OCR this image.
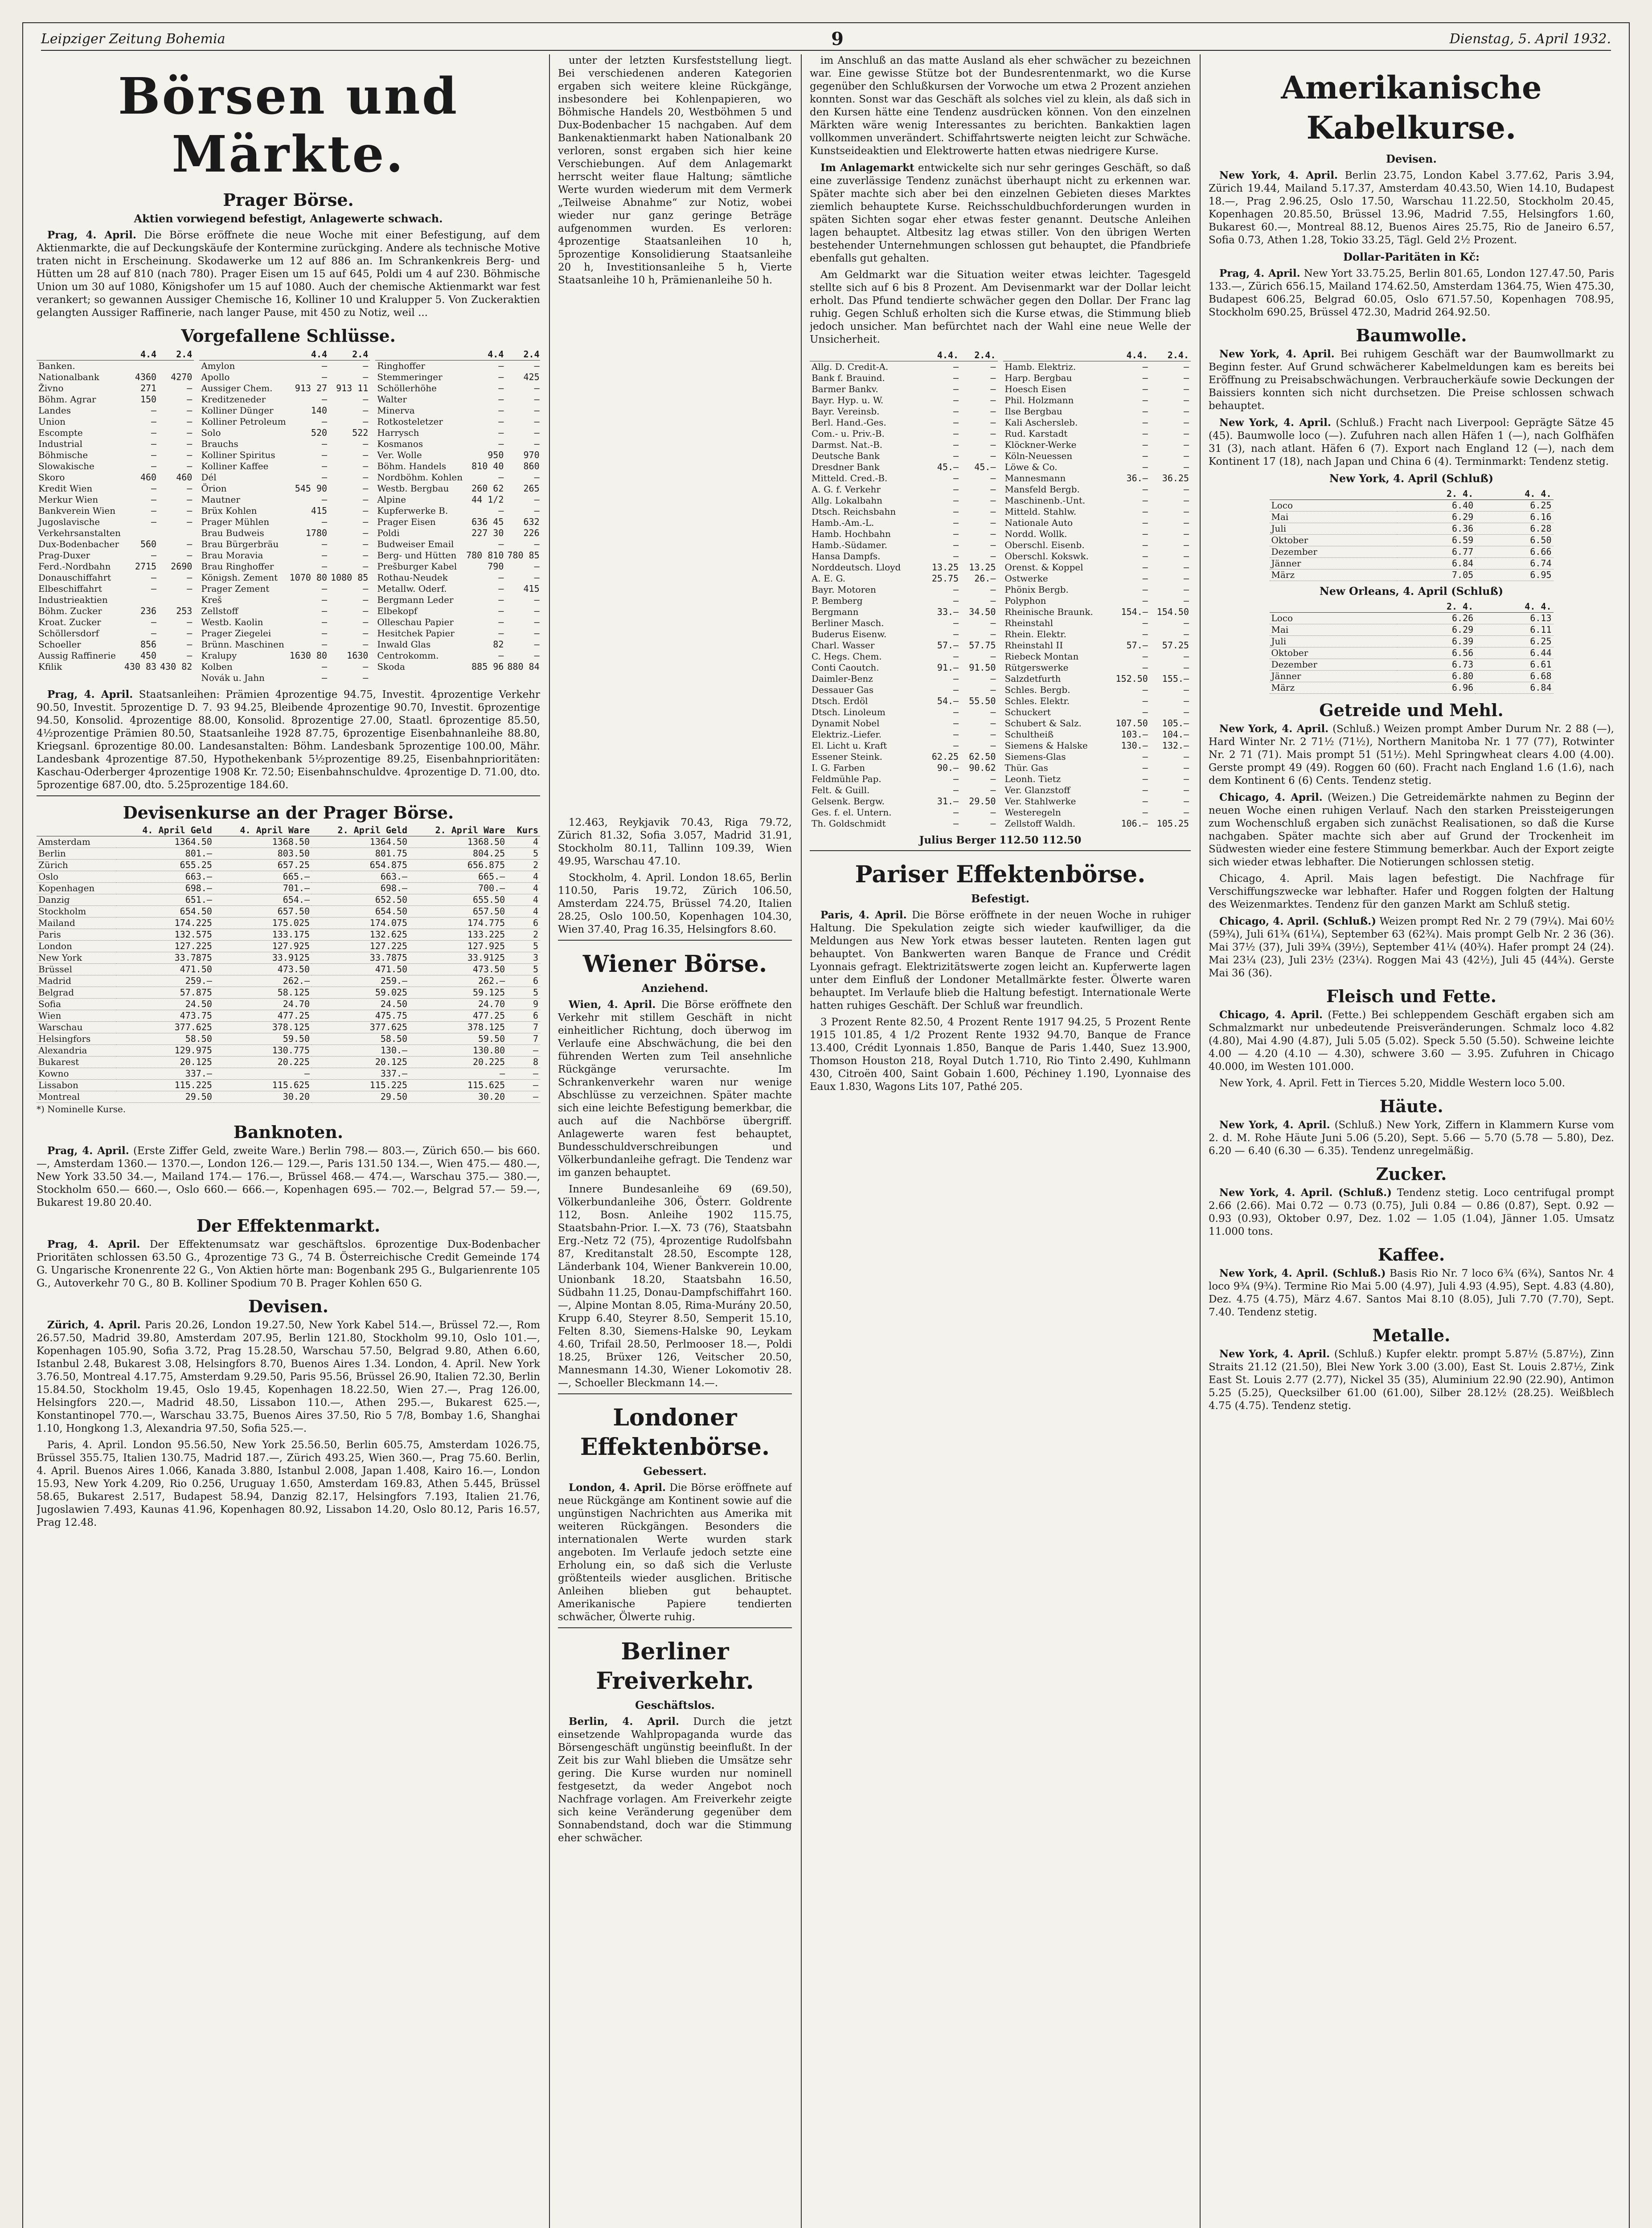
Leipziger Zeitung Bohemia	9	Dienstag, 5. April 1932.
Börsen und Märkte.
Prager Börse.
Aktien vorwiegend befestigt, Anlagewerte schwach.

Prag, 4. April. Die Börse eröffnete die neue Woche mit einer Befestigung, auf dem Aktienmarkte, die auf Deckungskäufe der Kontermine zurückging. Andere als technische Motive traten nicht in Erscheinung. Skodawerke um 12 auf 886 an. Im Schrankenkreis Berg- und Hütten um 28 auf 810 (nach 780). Prager Eisen um 15 auf 645, Poldi um 4 auf 230. Böhmische Union um 30 auf 1080, Königshofer um 15 auf 1080. Auch der chemische Aktienmarkt war fest verankert; so gewannen Aussiger Chemische 16, Kolliner 10 und Kralupper 5. Von Zuckeraktien gelangten Aussiger Raffinerie, nach langer Pause, mit 450 zu Notiz, weil ...

Vorgefallene Schlüsse.
	4.4	2.4
Banken.		
Nationalbank	4360	4270
Živno	271	—
Böhm. Agrar	150	—
Landes	—	—
Union	—	—
Escompte	—	—
Industrial	—	—
Böhmische	—	—
Slowakische	—	—
Skoro	460	460
Kredit Wien	—	—
Merkur Wien	—	—
Bankverein Wien	—	—
Jugoslavische	—	—
Verkehrsanstalten		
Dux-Bodenbacher	560	—
Prag-Duxer	—	—
Ferd.-Nordbahn	2715	2690
Donauschiffahrt	—	—
Elbeschiffahrt	—	—
Industrieaktien		
Böhm. Zucker	236	253
Kroat. Zucker	—	—
Schöllersdorf	—	—
Schoeller	856	—
Aussig Raffinerie	450	—
Kfilik	430 83	430 82
	4.4	2.4
Amylon	—	—
Apollo	—	—
Aussiger Chem.	913 27	913 11
Kreditzeneder	—	—
Kolliner Dünger	140	—
Kolliner Petroleum	—	—
Solo	520	522
Brauchs	—	—
Kolliner Spiritus	—	—
Kolliner Kaffee	—	—
Dél	—	—
Örion	545 90	—
Mautner	—	—
Brüx Kohlen	415	—
Prager Mühlen	—	—
Brau Budweis	1780	—
Brau Bürgerbräu	—	—
Brau Moravia	—	—
Brau Ringhoffer	—	—
Königsh. Zement	1070 80	1080 85
Prager Zement	—	—
Kreš	—	—
Zellstoff	—	—
Westb. Kaolin	—	—
Prager Ziegelei	—	—
Brünn. Maschinen	—	—
Kralupy	1630 80	1630
Kolben	—	—
Novák u. Jahn	—	—
	4.4	2.4
Ringhoffer	—	—
Stemmeringer	—	425
Schöllerhöhe	—	—
Walter	—	—
Minerva	—	—
Rotkosteletzer	—	—
Harrysch	—	—
Kosmanos	—	—
Ver. Wolle	950	970
Böhm. Handels	810 40	860
Nordböhm. Kohlen	—	—
Westb. Bergbau	260 62	265
Alpine	44 1/2	—
Kupferwerke B.	—	—
Prager Eisen	636 45	632
Poldi	227 30	226
Budweiser Email	—	—
Berg- und Hütten	780 810	780 85
Prešburger Kabel	790	—
Rothau-Neudek	—	—
Metallw. Oderf.	—	415
Bergmann Leder	—	—
Elbekopf	—	—
Olleschau Papier	—	—
Hesitchek Papier	—	—
Inwald Glas	82	—
Centrokomm.	—	—
Skoda	885 96	880 84

Prag, 4. April. Staatsanleihen: Prämien 4prozentige 94.75, Investit. 4prozentige Verkehr 90.50, Investit. 5prozentige D. 7. 93 94.25, Bleibende 4prozentige 90.70, Investit. 6prozentige 94.50, Konsolid. 4prozentige 88.00, Konsolid. 8prozentige 27.00, Staatl. 6prozentige 85.50, 4½prozentige Prämien 80.50, Staatsanleihe 1928 87.75, 6prozentige Eisenbahnanleihe 88.80, Kriegsanl. 6prozentige 80.00. Landesanstalten: Böhm. Landesbank 5prozentige 100.00, Mähr. Landesbank 4prozentige 87.50, Hypothekenbank 5½prozentige 89.25, Eisenbahnprioritäten: Kaschau-Oderberger 4prozentige 1908 Kr. 72.50; Eisenbahnschuldve. 4prozentige D. 71.00, dto. 5prozentige 687.00, dto. 5.25prozentige 184.60.

Devisenkurse an der Prager Börse.
	4. April Geld	4. April Ware	2. April Geld	2. April Ware	Kurs
Amsterdam	1364.50	1368.50	1364.50	1368.50	4
Berlin	801.—	803.50	801.75	804.25	5
Zürich	655.25	657.25	654.875	656.875	2
Oslo	663.—	665.—	663.—	665.—	4
Kopenhagen	698.—	701.—	698.—	700.—	4
Danzig	651.—	654.—	652.50	655.50	4
Stockholm	654.50	657.50	654.50	657.50	4
Mailand	174.225	175.025	174.075	174.775	6
Paris	132.575	133.175	132.625	133.225	2
London	127.225	127.925	127.225	127.925	5
New York	33.7875	33.9125	33.7875	33.9125	3
Brüssel	471.50	473.50	471.50	473.50	5
Madrid	259.—	262.—	259.—	262.—	6
Belgrad	57.875	58.125	59.025	59.125	5
Sofia	24.50	24.70	24.50	24.70	9
Wien	473.75	477.25	475.75	477.25	6
Warschau	377.625	378.125	377.625	378.125	7
Helsingfors	58.50	59.50	58.50	59.50	7
Alexandria	129.975	130.775	130.—	130.80	—
Bukarest	20.125	20.225	20.125	20.225	8
Kowno	337.—	—	337.—	—	—
Lissabon	115.225	115.625	115.225	115.625	—
Montreal	29.50	30.20	29.50	30.20	—
*) Nominelle Kurse.
Banknoten.

Prag, 4. April. (Erste Ziffer Geld, zweite Ware.) Berlin 798.— 803.—, Zürich 650.— bis 660.—, Amsterdam 1360.— 1370.—, London 126.— 129.—, Paris 131.50 134.—, Wien 475.— 480.—, New York 33.50 34.—, Mailand 174.— 176.—, Brüssel 468.— 474.—, Warschau 375.— 380.—, Stockholm 650.— 660.—, Oslo 660.— 666.—, Kopenhagen 695.— 702.—, Belgrad 57.— 59.—, Bukarest 19.80 20.40.

Der Effektenmarkt.

Prag, 4. April. Der Effektenumsatz war geschäftslos. 6prozentige Dux-Bodenbacher Prioritäten schlossen 63.50 G., 4prozentige 73 G., 74 B. Österreichische Credit Gemeinde 174 G. Ungarische Kronenrente 22 G., Von Aktien hörte man: Bogenbank 295 G., Bulgarienrente 105 G., Autoverkehr 70 G., 80 B. Kolliner Spodium 70 B. Prager Kohlen 650 G.

Devisen.

Zürich, 4. April. Paris 20.26, London 19.27.50, New York Kabel 514.—, Brüssel 72.—, Rom 26.57.50, Madrid 39.80, Amsterdam 207.95, Berlin 121.80, Stockholm 99.10, Oslo 101.—, Kopenhagen 105.90, Sofia 3.72, Prag 15.28.50, Warschau 57.50, Belgrad 9.80, Athen 6.60, Istanbul 2.48, Bukarest 3.08, Helsingfors 8.70, Buenos Aires 1.34. London, 4. April. New York 3.76.50, Montreal 4.17.75, Amsterdam 9.29.50, Paris 95.56, Brüssel 26.90, Italien 72.30, Berlin 15.84.50, Stockholm 19.45, Oslo 19.45, Kopenhagen 18.22.50, Wien 27.—, Prag 126.00, Helsingfors 220.—, Madrid 48.50, Lissabon 110.—, Athen 295.—, Bukarest 625.—, Konstantinopel 770.—, Warschau 33.75, Buenos Aires 37.50, Rio 5 7/8, Bombay 1.6, Shanghai 1.10, Hongkong 1.3, Alexandria 97.50, Sofia 525.—.

Paris, 4. April. London 95.56.50, New York 25.56.50, Berlin 605.75, Amsterdam 1026.75, Brüssel 355.75, Italien 130.75, Madrid 187.—, Zürich 493.25, Wien 360.—, Prag 75.60. Berlin, 4. April. Buenos Aires 1.066, Kanada 3.880, Istanbul 2.008, Japan 1.408, Kairo 16.—, London 15.93, New York 4.209, Rio 0.256, Uruguay 1.650, Amsterdam 169.83, Athen 5.445, Brüssel 58.65, Bukarest 2.517, Budapest 58.94, Danzig 82.17, Helsingfors 7.193, Italien 21.76, Jugoslawien 7.493, Kaunas 41.96, Kopenhagen 80.92, Lissabon 14.20, Oslo 80.12, Paris 16.57, Prag 12.48.

unter der letzten Kursfeststellung liegt. Bei verschiedenen anderen Kategorien ergaben sich weitere kleine Rückgänge, insbesondere bei Kohlenpapieren, wo Böhmische Handels 20, Westböhmen 5 und Dux-Bodenbacher 15 nachgaben. Auf dem Bankenaktienmarkt haben Nationalbank 20 verloren, sonst ergaben sich hier keine Verschiebungen. Auf dem Anlagemarkt herrscht weiter flaue Haltung; sämtliche Werte wurden wiederum mit dem Vermerk „Teilweise Abnahme“ zur Notiz, wobei wieder nur ganz geringe Beträge aufgenommen wurden. Es verloren: 4prozentige Staatsanleihen 10 h, 5prozentige Konsolidierung Staatsanleihe 20 h, Investitionsanleihe 5 h, Vierte Staatsanleihe 10 h, Prämienanleihe 50 h.

12.463, Reykjavik 70.43, Riga 79.72, Zürich 81.32, Sofia 3.057, Madrid 31.91, Stockholm 80.11, Tallinn 109.39, Wien 49.95, Warschau 47.10.

Stockholm, 4. April. London 18.65, Berlin 110.50, Paris 19.72, Zürich 106.50, Amsterdam 224.75, Brüssel 74.20, Italien 28.25, Oslo 100.50, Kopenhagen 104.30, Wien 37.40, Prag 16.35, Helsingfors 8.60.

Wiener Börse.
Anziehend.

Wien, 4. April. Die Börse eröffnete den Verkehr mit stillem Geschäft in nicht einheitlicher Richtung, doch überwog im Verlaufe eine Abschwächung, die bei den führenden Werten zum Teil ansehnliche Rückgänge verursachte. Im Schrankenverkehr waren nur wenige Abschlüsse zu verzeichnen. Später machte sich eine leichte Befestigung bemerkbar, die auch auf die Nachbörse übergriff. Anlagewerte waren fest behauptet, Bundesschuldverschreibungen und Völkerbundanleihe gefragt. Die Tendenz war im ganzen behauptet.

Innere Bundesanleihe 69 (69.50), Völkerbundanleihe 306, Österr. Goldrente 112, Bosn. Anleihe 1902 115.75, Staatsbahn-Prior. I.—X. 73 (76), Staatsbahn Erg.-Netz 72 (75), 4prozentige Rudolfsbahn 87, Kreditanstalt 28.50, Escompte 128, Länderbank 104, Wiener Bankverein 10.00, Unionbank 18.20, Staatsbahn 16.50, Südbahn 11.25, Donau-Dampfschiffahrt 160.—, Alpine Montan 8.05, Rima-Murány 20.50, Krupp 6.40, Steyrer 8.50, Semperit 15.10, Felten 8.30, Siemens-Halske 90, Leykam 4.60, Trifail 28.50, Perlmooser 18.—, Poldi 18.25, Brüxer 126, Veitscher 20.50, Mannesmann 14.30, Wiener Lokomotiv 28.—, Schoeller Bleckmann 14.—.

Londoner Effektenbörse.
Gebessert.

London, 4. April. Die Börse eröffnete auf neue Rückgänge am Kontinent sowie auf die ungünstigen Nachrichten aus Amerika mit weiteren Rückgängen. Besonders die internationalen Werte wurden stark angeboten. Im Verlaufe jedoch setzte eine Erholung ein, so daß sich die Verluste größtenteils wieder ausglichen. Britische Anleihen blieben gut behauptet. Amerikanische Papiere tendierten schwächer, Ölwerte ruhig.

Berliner Freiverkehr.
Geschäftslos.

Berlin, 4. April. Durch die jetzt einsetzende Wahlpropaganda wurde das Börsengeschäft ungünstig beeinflußt. In der Zeit bis zur Wahl blieben die Umsätze sehr gering. Die Kurse wurden nur nominell festgesetzt, da weder Angebot noch Nachfrage vorlagen. Am Freiverkehr zeigte sich keine Veränderung gegenüber dem Sonnabendstand, doch war die Stimmung eher schwächer.

im Anschluß an das matte Ausland als eher schwächer zu bezeichnen war. Eine gewisse Stütze bot der Bundesrentenmarkt, wo die Kurse gegenüber den Schlußkursen der Vorwoche um etwa 2 Prozent anziehen konnten. Sonst war das Geschäft als solches viel zu klein, als daß sich in den Kursen hätte eine Tendenz ausdrücken können. Von den einzelnen Märkten wäre wenig Interessantes zu berichten. Bankaktien lagen vollkommen unverändert. Schiffahrtswerte neigten leicht zur Schwäche. Kunstseideaktien und Elektrowerte hatten etwas niedrigere Kurse.

Im Anlagemarkt entwickelte sich nur sehr geringes Geschäft, so daß eine zuverlässige Tendenz zunächst überhaupt nicht zu erkennen war. Später machte sich aber bei den einzelnen Gebieten dieses Marktes ziemlich behauptete Kurse. Reichsschuldbuchforderungen wurden in späten Sichten sogar eher etwas fester genannt. Deutsche Anleihen lagen behauptet. Altbesitz lag etwas stiller. Von den übrigen Werten bestehender Unternehmungen schlossen gut behauptet, die Pfandbriefe ebenfalls gut gehalten.

Am Geldmarkt war die Situation weiter etwas leichter. Tagesgeld stellte sich auf 6 bis 8 Prozent. Am Devisenmarkt war der Dollar leicht erholt. Das Pfund tendierte schwächer gegen den Dollar. Der Franc lag ruhig. Gegen Schluß erholten sich die Kurse etwas, die Stimmung blieb jedoch unsicher. Man befürchtet nach der Wahl eine neue Welle der Unsicherheit.

	4.4.	2.4.
Allg. D. Credit-A.	—	—
Bank f. Brauind.	—	—
Barmer Bankv.	—	—
Bayr. Hyp. u. W.	—	—
Bayr. Vereinsb.	—	—
Berl. Hand.-Ges.	—	—
Com.- u. Priv.-B.	—	—
Darmst. Nat.-B.	—	—
Deutsche Bank	—	—
Dresdner Bank	45.—	45.—
Mitteld. Cred.-B.	—	—
A. G. f. Verkehr	—	—
Allg. Lokalbahn	—	—
Dtsch. Reichsbahn	—	—
Hamb.-Am.-L.	—	—
Hamb. Hochbahn	—	—
Hamb.-Südamer.	—	—
Hansa Dampfs.	—	—
Norddeutsch. Lloyd	13.25	13.25
A. E. G.	25.75	26.—
Bayr. Motoren	—	—
P. Bemberg	—	—
Bergmann	33.—	34.50
Berliner Masch.	—	—
Buderus Eisenw.	—	—
Charl. Wasser	57.—	57.75
C. Hegs. Chem.	—	—
Conti Caoutch.	91.—	91.50
Daimler-Benz	—	—
Dessauer Gas	—	—
Dtsch. Erdöl	54.—	55.50
Dtsch. Linoleum	—	—
Dynamit Nobel	—	—
Elektriz.-Liefer.	—	—
El. Licht u. Kraft	—	—
Essener Steink.	62.25	62.50
I. G. Farben	90.—	90.62
Feldmühle Pap.	—	—
Felt. & Guill.	—	—
Gelsenk. Bergw.	31.—	29.50
Ges. f. el. Untern.	—	—
Th. Goldschmidt	—	—
	4.4.	2.4.
Hamb. Elektriz.	—	—
Harp. Bergbau	—	—
Hoesch Eisen	—	—
Phil. Holzmann	—	—
Ilse Bergbau	—	—
Kali Aschersleb.	—	—
Rud. Karstadt	—	—
Klöckner-Werke	—	—
Köln-Neuessen	—	—
Löwe & Co.	—	—
Mannesmann	36.—	36.25
Mansfeld Bergb.	—	—
Maschinenb.-Unt.	—	—
Mitteld. Stahlw.	—	—
Nationale Auto	—	—
Nordd. Wollk.	—	—
Oberschl. Eisenb.	—	—
Oberschl. Kokswk.	—	—
Orenst. & Koppel	—	—
Ostwerke	—	—
Phönix Bergb.	—	—
Polyphon	—	—
Rheinische Braunk.	154.—	154.50
Rheinstahl	—	—
Rhein. Elektr.	—	—
Rheinstahl II	57.—	57.25
Riebeck Montan	—	—
Rütgerswerke	—	—
Salzdetfurth	152.50	155.—
Schles. Bergb.	—	—
Schles. Elektr.	—	—
Schuckert	—	—
Schubert & Salz.	107.50	105.—
Schultheiß	103.—	104.—
Siemens & Halske	130.—	132.—
Siemens-Glas	—	—
Thür. Gas	—	—
Leonh. Tietz	—	—
Ver. Glanzstoff	—	—
Ver. Stahlwerke	—	—
Westeregeln	—	—
Zellstoff Waldh.	106.—	105.25
Julius Berger 112.50 112.50
Pariser Effektenbörse.
Befestigt.

Paris, 4. April. Die Börse eröffnete in der neuen Woche in ruhiger Haltung. Die Spekulation zeigte sich wieder kaufwilliger, da die Meldungen aus New York etwas besser lauteten. Renten lagen gut behauptet. Von Bankwerten waren Banque de France und Crédit Lyonnais gefragt. Elektrizitätswerte zogen leicht an. Kupferwerte lagen unter dem Einfluß der Londoner Metallmärkte fester. Ölwerte waren behauptet. Im Verlaufe blieb die Haltung befestigt. Internationale Werte hatten ruhiges Geschäft. Der Schluß war freundlich.

3 Prozent Rente 82.50, 4 Prozent Rente 1917 94.25, 5 Prozent Rente 1915 101.85, 4 1/2 Prozent Rente 1932 94.70, Banque de France 13.400, Crédit Lyonnais 1.850, Banque de Paris 1.440, Suez 13.900, Thomson Houston 218, Royal Dutch 1.710, Rio Tinto 2.490, Kuhlmann 430, Citroën 400, Saint Gobain 1.600, Péchiney 1.190, Lyonnaise des Eaux 1.830, Wagons Lits 107, Pathé 205.

Amerikanische Kabelkurse.
Devisen.

New York, 4. April. Berlin 23.75, London Kabel 3.77.62, Paris 3.94, Zürich 19.44, Mailand 5.17.37, Amsterdam 40.43.50, Wien 14.10, Budapest 18.—, Prag 2.96.25, Oslo 17.50, Warschau 11.22.50, Stockholm 20.45, Kopenhagen 20.85.50, Brüssel 13.96, Madrid 7.55, Helsingfors 1.60, Bukarest 60.—, Montreal 88.12, Buenos Aires 25.75, Rio de Janeiro 6.57, Sofia 0.73, Athen 1.28, Tokio 33.25, Tägl. Geld 2½ Prozent.

Dollar-Paritäten in Kč:

Prag, 4. April. New Yort 33.75.25, Berlin 801.65, London 127.47.50, Paris 133.—, Zürich 656.15, Mailand 174.62.50, Amsterdam 1364.75, Wien 475.30, Budapest 606.25, Belgrad 60.05, Oslo 671.57.50, Kopenhagen 708.95, Stockholm 690.25, Brüssel 472.30, Madrid 264.92.50.

Baumwolle.

New York, 4. April. Bei ruhigem Geschäft war der Baumwollmarkt zu Beginn fester. Auf Grund schwächerer Kabelmeldungen kam es bereits bei Eröffnung zu Preisabschwächungen. Verbraucherkäufe sowie Deckungen der Baissiers konnten sich nicht durchsetzen. Die Preise schlossen schwach behauptet.

New York, 4. April. (Schluß.) Fracht nach Liverpool: Geprägte Sätze 45 (45). Baumwolle loco (—). Zufuhren nach allen Häfen 1 (—), nach Golfhäfen 31 (3), nach atlant. Häfen 6 (7). Export nach England 12 (—), nach dem Kontinent 17 (18), nach Japan und China 6 (4). Terminmarkt: Tendenz stetig.

New York, 4. April (Schluß)
	2. 4.	4. 4.
Loco	6.40	6.25
Mai	6.29	6.16
Juli	6.36	6.28
Oktober	6.59	6.50
Dezember	6.77	6.66
Jänner	6.84	6.74
März	7.05	6.95
New Orleans, 4. April (Schluß)
	2. 4.	4. 4.
Loco	6.26	6.13
Mai	6.29	6.11
Juli	6.39	6.25
Oktober	6.56	6.44
Dezember	6.73	6.61
Jänner	6.80	6.68
März	6.96	6.84
Getreide und Mehl.

New York, 4. April. (Schluß.) Weizen prompt Amber Durum Nr. 2 88 (—), Hard Winter Nr. 2 71½ (71½), Northern Manitoba Nr. 1 77 (77), Rotwinter Nr. 2 71 (71). Mais prompt 51 (51½). Mehl Springwheat clears 4.00 (4.00). Gerste prompt 49 (49). Roggen 60 (60). Fracht nach England 1.6 (1.6), nach dem Kontinent 6 (6) Cents. Tendenz stetig.

Chicago, 4. April. (Weizen.) Die Getreidemärkte nahmen zu Beginn der neuen Woche einen ruhigen Verlauf. Nach den starken Preissteigerungen zum Wochenschluß ergaben sich zunächst Realisationen, so daß die Kurse nachgaben. Später machte sich aber auf Grund der Trockenheit im Südwesten wieder eine festere Stimmung bemerkbar. Auch der Export zeigte sich wieder etwas lebhafter. Die Notierungen schlossen stetig.

Chicago, 4. April. Mais lagen befestigt. Die Nachfrage für Verschiffungszwecke war lebhafter. Hafer und Roggen folgten der Haltung des Weizenmarktes. Tendenz für den ganzen Markt am Schluß stetig.

Chicago, 4. April. (Schluß.) Weizen prompt Red Nr. 2 79 (79¼). Mai 60½ (59¾), Juli 61¾ (61¼), September 63 (62¾). Mais prompt Gelb Nr. 2 36 (36). Mai 37½ (37), Juli 39¾ (39½), September 41¼ (40¾). Hafer prompt 24 (24). Mai 23¼ (23), Juli 23½ (23¼). Roggen Mai 43 (42½), Juli 45 (44¾). Gerste Mai 36 (36).

Fleisch und Fette.

Chicago, 4. April. (Fette.) Bei schleppendem Geschäft ergaben sich am Schmalzmarkt nur unbedeutende Preisveränderungen. Schmalz loco 4.82 (4.80), Mai 4.90 (4.87), Juli 5.05 (5.02). Speck 5.50 (5.50). Schweine leichte 4.00 — 4.20 (4.10 — 4.30), schwere 3.60 — 3.95. Zufuhren in Chicago 40.000, im Westen 101.000.

New York, 4. April. Fett in Tierces 5.20, Middle Western loco 5.00.

Häute.

New York, 4. April. (Schluß.) New York, Ziffern in Klammern Kurse vom 2. d. M. Rohe Häute Juni 5.06 (5.20), Sept. 5.66 — 5.70 (5.78 — 5.80), Dez. 6.20 — 6.40 (6.30 — 6.35). Tendenz unregelmäßig.

Zucker.

New York, 4. April. (Schluß.) Tendenz stetig. Loco centrifugal prompt 2.66 (2.66). Mai 0.72 — 0.73 (0.75), Juli 0.84 — 0.86 (0.87), Sept. 0.92 — 0.93 (0.93), Oktober 0.97, Dez. 1.02 — 1.05 (1.04), Jänner 1.05. Umsatz 11.000 tons.

Kaffee.

New York, 4. April. (Schluß.) Basis Rio Nr. 7 loco 6¾ (6¾), Santos Nr. 4 loco 9¾ (9¾). Termine Rio Mai 5.00 (4.97), Juli 4.93 (4.95), Sept. 4.83 (4.80), Dez. 4.75 (4.75), März 4.67. Santos Mai 8.10 (8.05), Juli 7.70 (7.70), Sept. 7.40. Tendenz stetig.

Metalle.

New York, 4. April. (Schluß.) Kupfer elektr. prompt 5.87½ (5.87½), Zinn Straits 21.12 (21.50), Blei New York 3.00 (3.00), East St. Louis 2.87½, Zink East St. Louis 2.77 (2.77), Nickel 35 (35), Aluminium 22.90 (22.90), Antimon 5.25 (5.25), Quecksilber 61.00 (61.00), Silber 28.12½ (28.25). Weißblech 4.75 (4.75). Tendenz stetig.
